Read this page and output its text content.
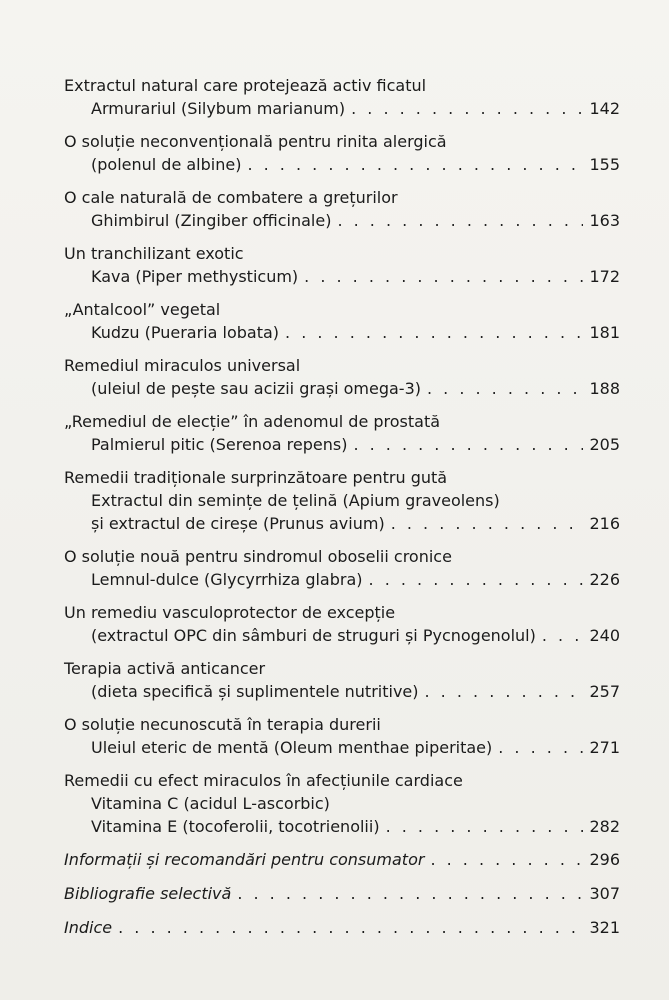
Extractul natural care protejează activ ficatul
Armurariul (Silybum marianum) . . .	142
O soluție neconvențională pentru rinita alergică
(polenul de albine) . . .	155
O cale naturală de combatere a grețurilor
Ghimbirul (Zingiber officinale) . . .	163
Un tranchilizant exotic
Kava (Piper methysticum) . . .	172
„Antalcool” vegetal
Kudzu (Pueraria lobata) . . .	181
Remediul miraculos universal
(uleiul de pește sau acizii grași omega-3) . . .	188
„Remediul de elecție” în adenomul de prostată
Palmierul pitic (Serenoa repens) . . .	205
Remedii tradiționale surprinzătoare pentru gută
Extractul din semințe de țelină (Apium graveolens)
și extractul de cireșe (Prunus avium) . . .	216
O soluție nouă pentru sindromul oboselii cronice
Lemnul-dulce (Glycyrrhiza glabra) . . .	226
Un remediu vasculoprotector de excepție
(extractul OPC din sâmburi de struguri și Pycnogenolul) . . .	240
Terapia activă anticancer
(dieta specifică și suplimentele nutritive) . . .	257
O soluție necunoscută în terapia durerii
Uleiul eteric de mentă (Oleum menthae piperitae) . . .	271
Remedii cu efect miraculos în afecțiunile cardiace
Vitamina C (acidul L-ascorbic)
Vitamina E (tocoferolii, tocotrienolii) . . .	282
Informații și recomandări pentru consumator . . .	296
Bibliografie selectivă . . .	307
Indice . . .	321
